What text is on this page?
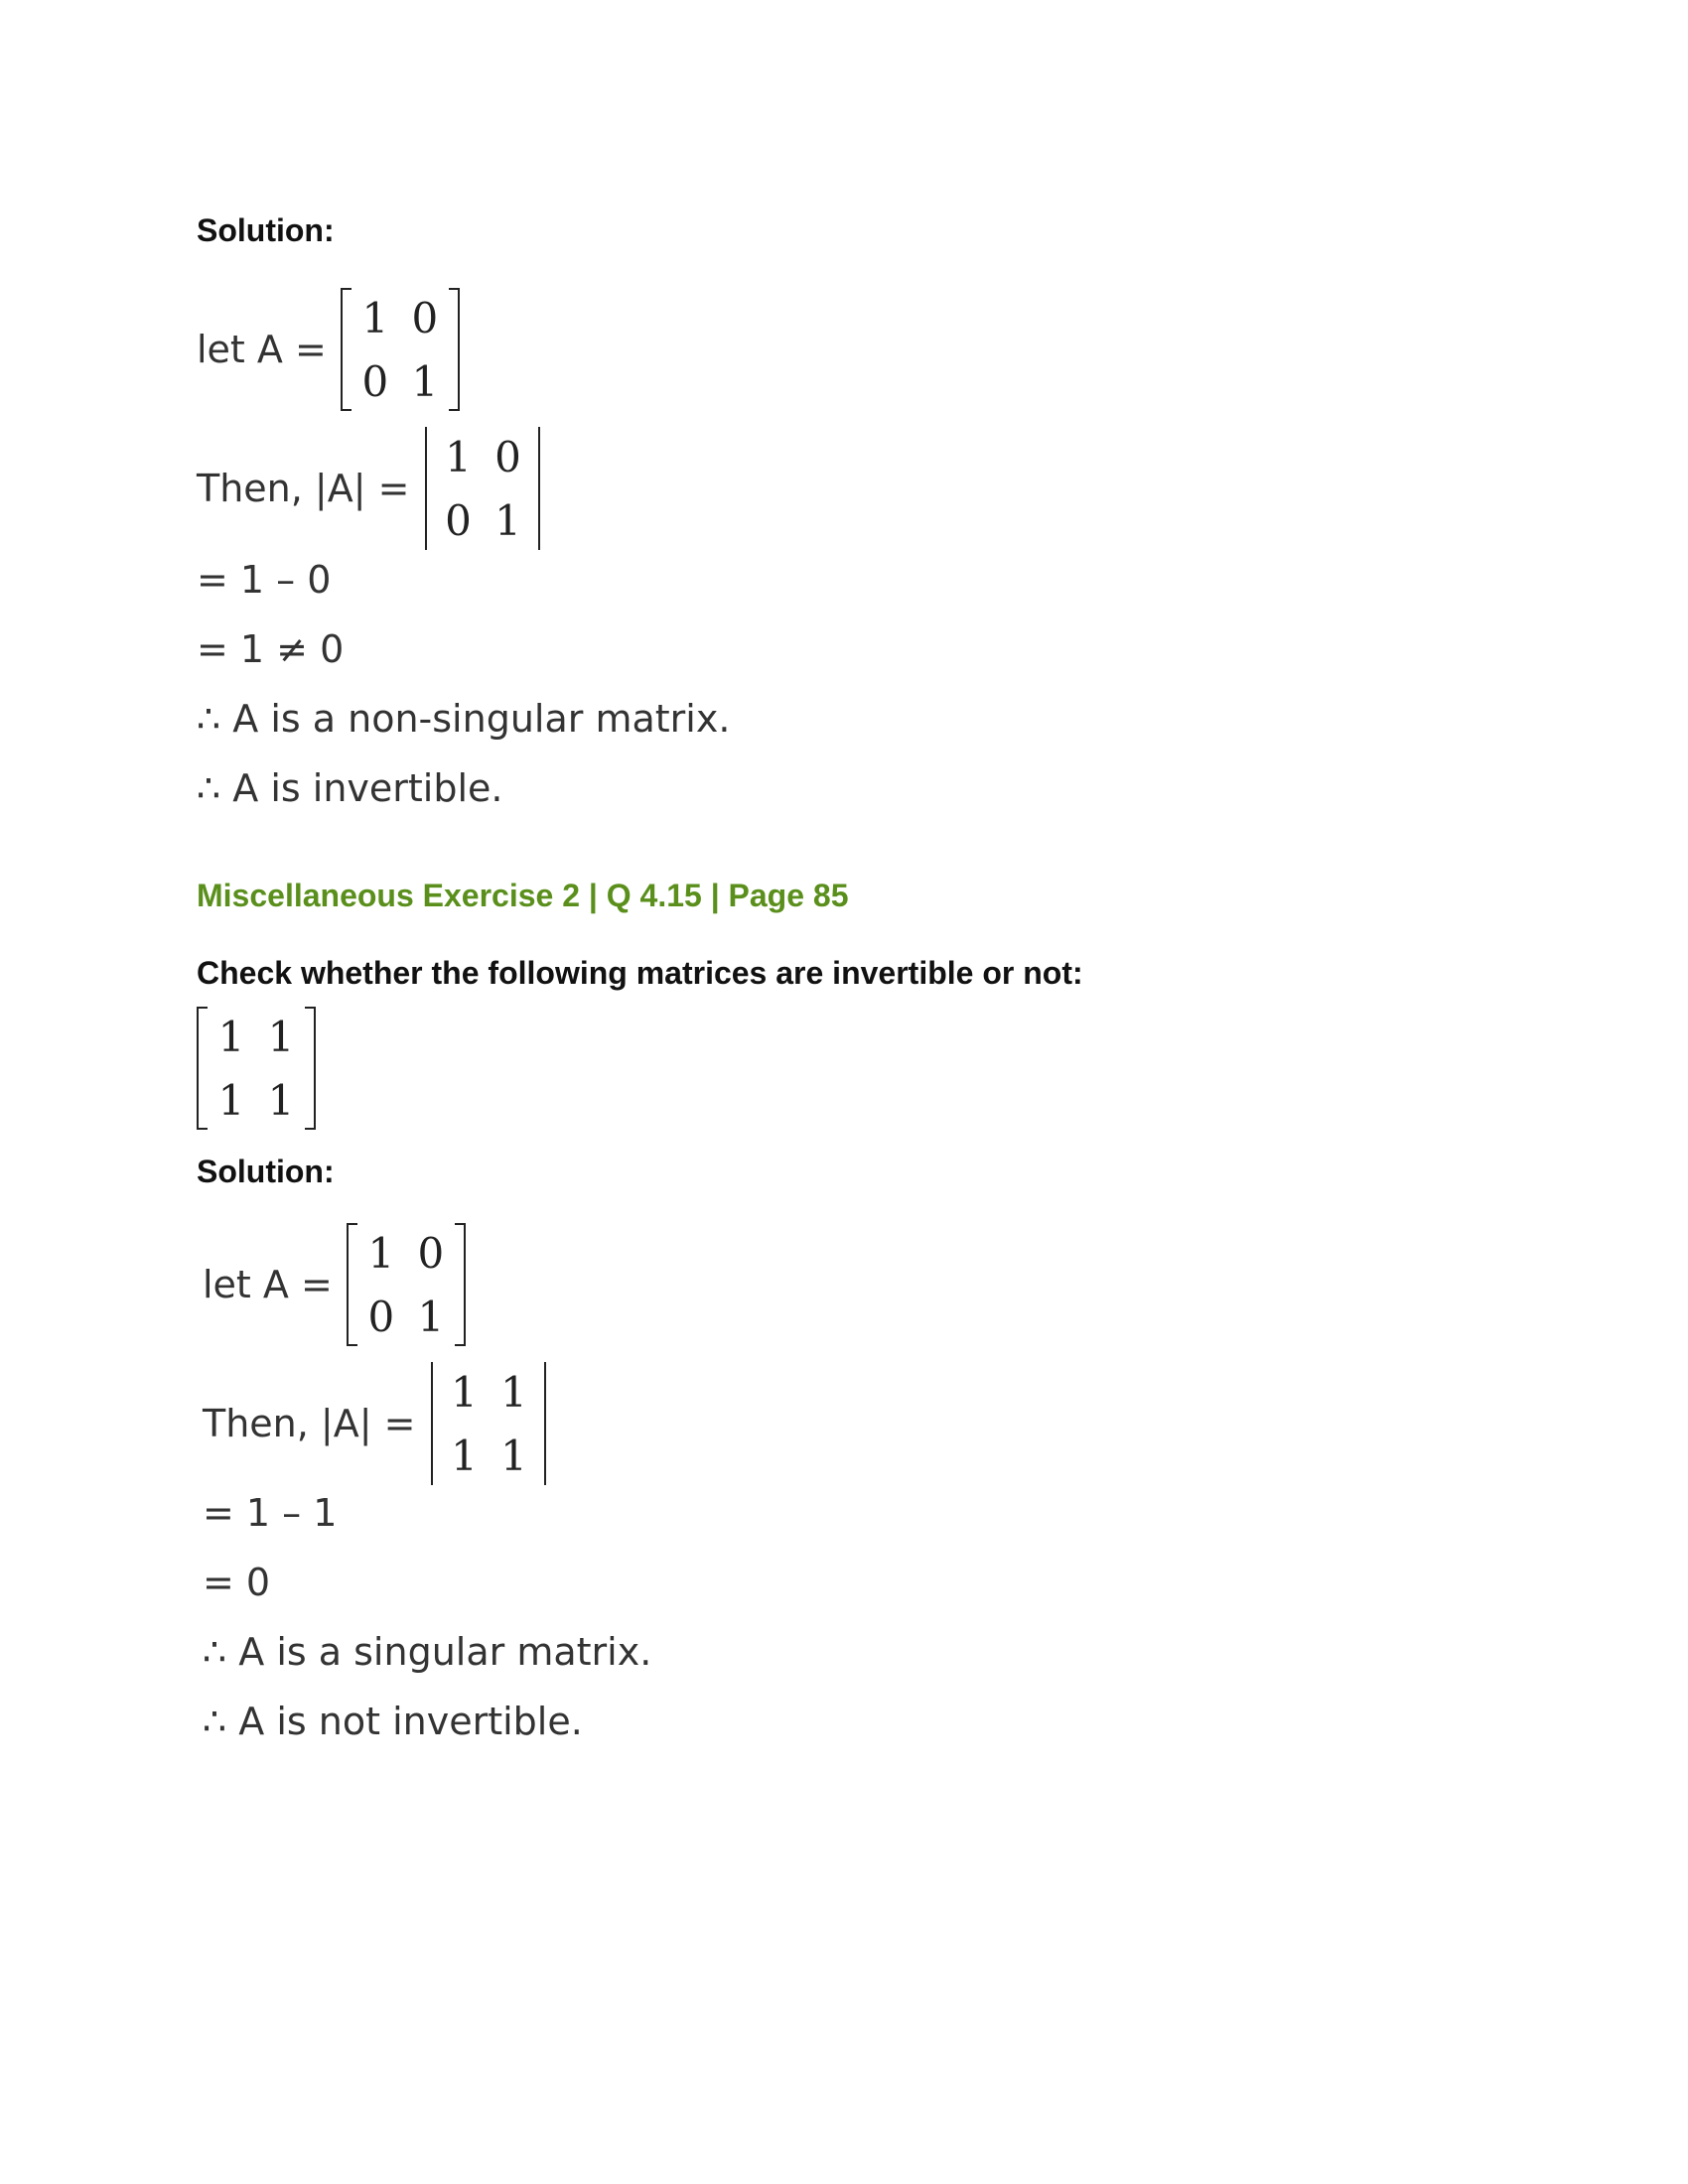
Solution:
let A =
1 0
0 1
Then, |A| =
1 0
0 1
= 1 – 0
= 1 ≠ 0
∴ A is a non-singular matrix.
∴ A is invertible.
Miscellaneous Exercise 2 | Q 4.15 | Page 85
Check whether the following matrices are invertible or not:
1 1
1 1
Solution:
let A =
1 0
0 1
Then, |A| =
1 1
1 1
= 1 – 1
= 0
∴ A is a singular matrix.
∴ A is not invertible.
